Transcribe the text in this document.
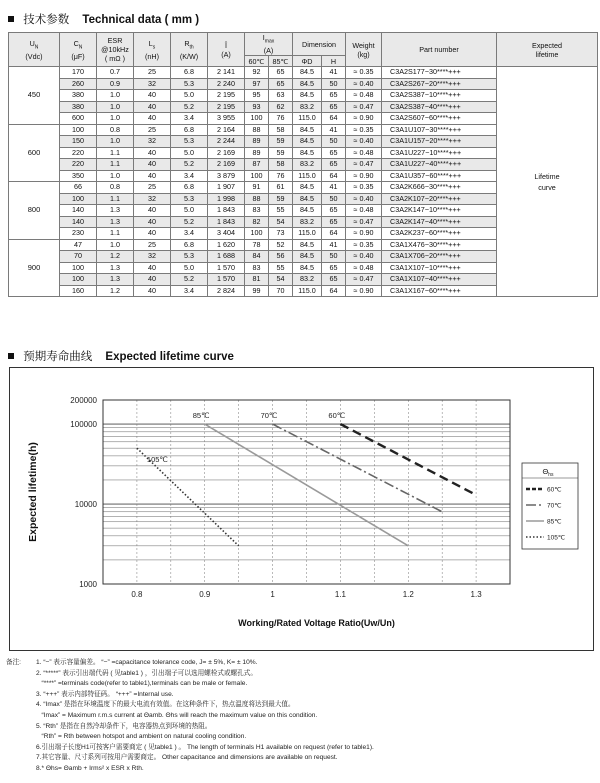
技术参数 Technical data ( mm )
$U_N$
(Vdc)	$C_N$
(μF)	ESR
@10kHz
( mΩ )	$L_s$
(nH)	$R_{th}$
(K/W)	Î
(A)	$I_{max}$
(A)		Dimension		Weight
(kg)	Part number	Expected
lifetime
						60℃	85℃	ΦD	H			
450	170	0.7	25	6.8	2 141	92	65	84.5	41	≈ 0.35	C3A2S177−30****+++	Lifetime curve
	260	0.9	32	5.3	2 240	97	65	84.5	50	≈ 0.40	C3A2S267−20****+++	
	380	1.0	40	5.0	2 195	95	63	84.5	65	≈ 0.48	C3A2S387−10****+++	
	380	1.0	40	5.2	2 195	93	62	83.2	65	≈ 0.47	C3A2S387−40****+++	
	600	1.0	40	3.4	3 955	100	76	115.0	64	≈ 0.90	C3A2S607−60****+++	
600	100	0.8	25	6.8	2 164	88	58	84.5	41	≈ 0.35	C3A1U107−30****+++	
	150	1.0	32	5.3	2 244	89	59	84.5	50	≈ 0.40	C3A1U157−20****+++	
	220	1.1	40	5.0	2 169	89	59	84.5	65	≈ 0.48	C3A1U227−10****+++	
	220	1.1	40	5.2	2 169	87	58	83.2	65	≈ 0.47	C3A1U227−40****+++	
	350	1.0	40	3.4	3 879	100	76	115.0	64	≈ 0.90	C3A1U357−60****+++	
800	66	0.8	25	6.8	1 907	91	61	84.5	41	≈ 0.35	C3A2K666−30****+++	
	100	1.1	32	5.3	1 998	88	59	84.5	50	≈ 0.40	C3A2K107−20****+++	
	140	1.3	40	5.0	1 843	83	55	84.5	65	≈ 0.48	C3A2K147−10****+++	
	140	1.3	40	5.2	1 843	82	54	83.2	65	≈ 0.47	C3A2K147−40****+++	
	230	1.1	40	3.4	3 404	100	73	115.0	64	≈ 0.90	C3A2K237−60****+++	
900	47	1.0	25	6.8	1 620	78	52	84.5	41	≈ 0.35	C3A1X476−30****+++	
	70	1.2	32	5.3	1 688	84	56	84.5	50	≈ 0.40	C3A1X706−20****+++	
	100	1.3	40	5.0	1 570	83	55	84.5	65	≈ 0.48	C3A1X107−10****+++	
	100	1.3	40	5.2	1 570	81	54	83.2	65	≈ 0.47	C3A1X107−40****+++	
	160	1.2	40	3.4	2 824	99	70	115.0	64	≈ 0.90	C3A1X167−60****+++	
预期寿命曲线 Expected lifetime curve
0.8	0.9	1	1.1	1.2	1.3
1000
10000
100000
200000
Working/Rated Voltage Ratio(Uw/Un)
Expected lifetime(h)
60℃
70℃
85℃
105℃
$\Theta_{hs}$
60℃
70℃
85℃
105℃
备注: 1. “−” 表示容量偏差。 “−” =capacitance tolerance code, J= ± 5%, K= ± 10%.
2. “*****” 表示引出端代码 ( 见table1 ) ，引出端子可以选用螺栓式或螺孔式。
“****” =terminals code(refer to table1),terminals can be male or female.
3. “+++” 表示内部特征码。 “+++” =Internal use.
4. “Imax” 是指在环境温度下的最大电流有效值。在这种条件下，热点温度将达到最大值。
“Imax” = Maximum r.m.s current at Θamb. Θhs will reach the maximum value on this condition.
5. “Rth” 是指在自然冷却条件下，电容器热点到环境的热阻。
“Rth” = Rth between hotspot and ambient on natural cooling condition.
6.引出端子长度H1可按客户需要商定 ( 见table1 ) 。 The length of terminals H1 available on request (refer to table1).
7.其它容量、尺寸系列可按用户需要商定。 Other capacitance and dimensions are available on request.
8.* Θhs= Θamb + Irms² x ESR x Rth.
